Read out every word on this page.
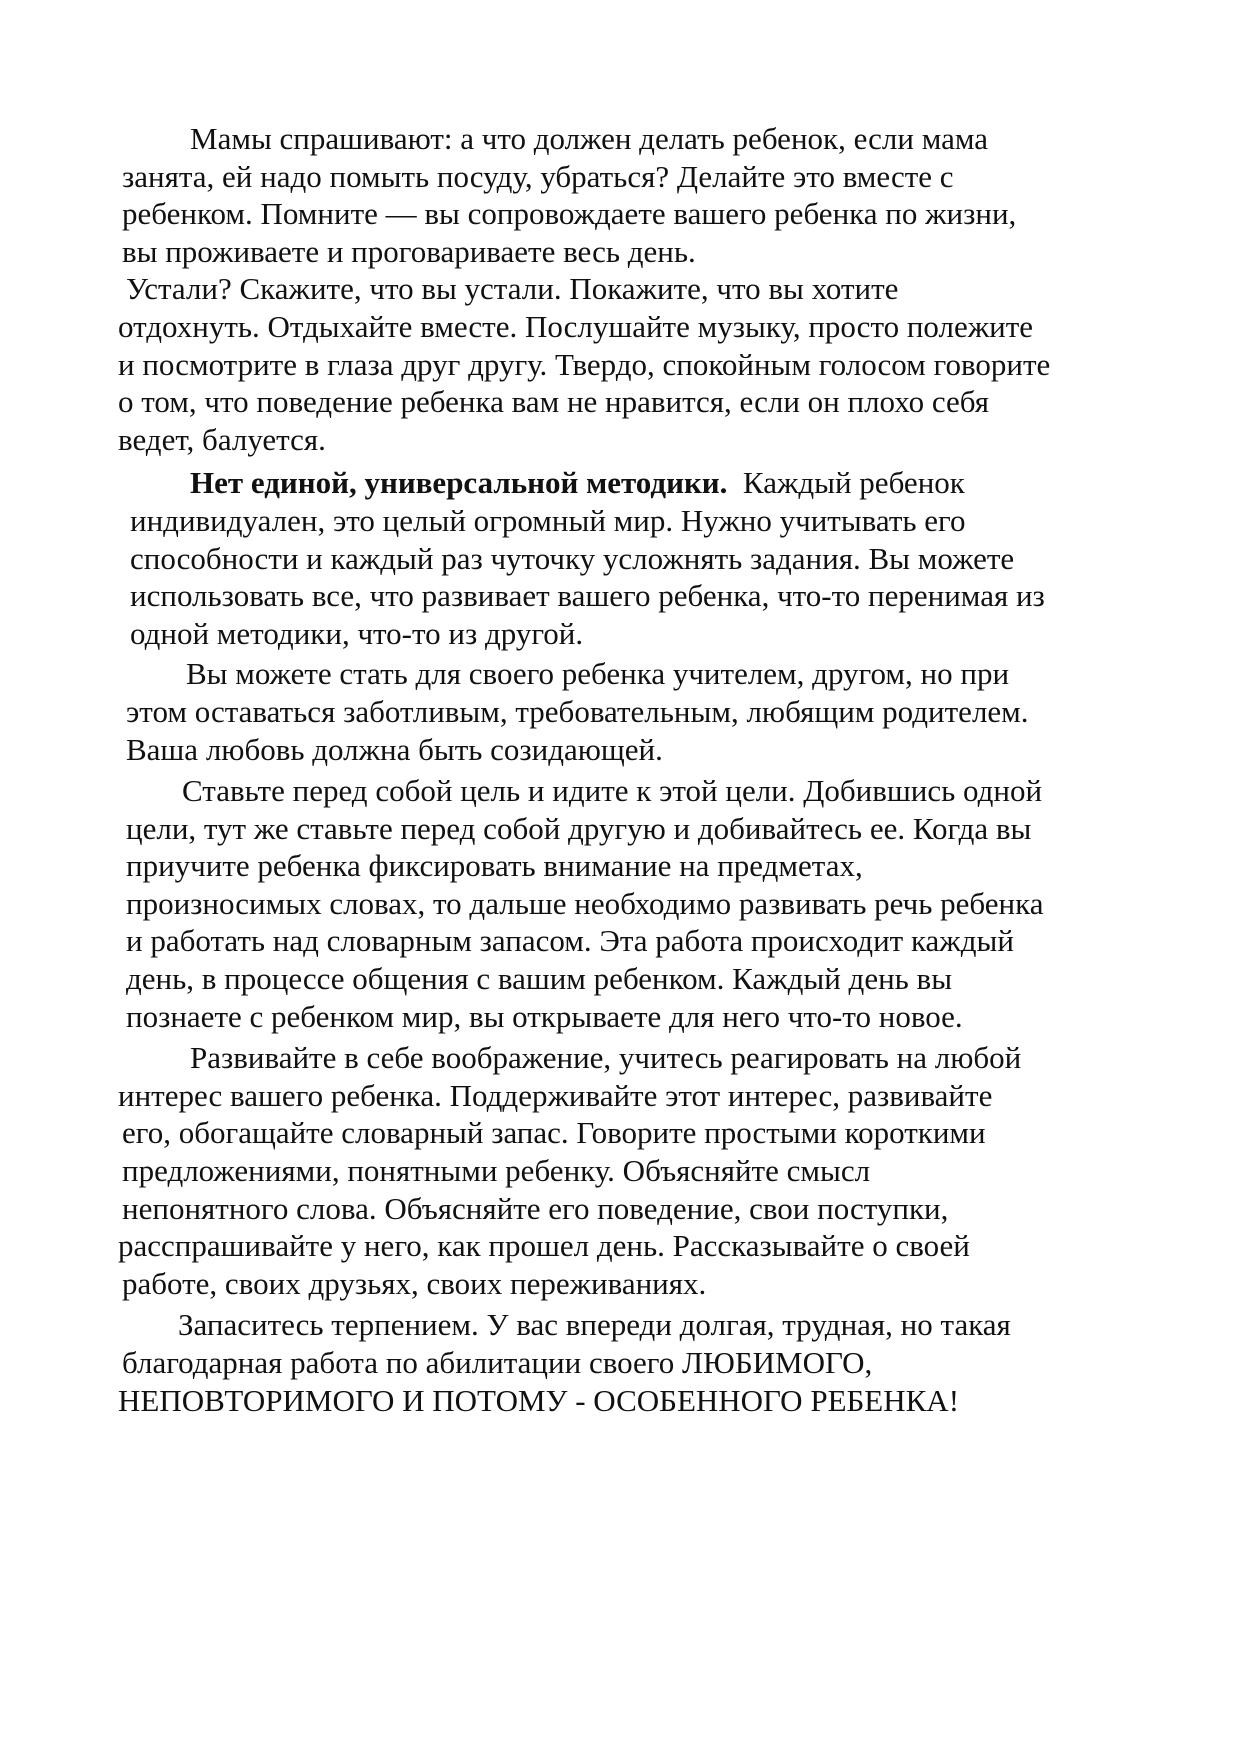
Мамы спрашивают: а что должен делать ребенок, если мама
занята, ей надо помыть посуду, убраться? Делайте это вместе с
ребенком. Помните — вы сопровождаете вашего ребенка по жизни,
вы проживаете и проговариваете весь день.
Устали? Скажите, что вы устали. Покажите, что вы хотите
отдохнуть. Отдыхайте вместе. Послушайте музыку, просто полежите
и посмотрите в глаза друг другу. Твердо, спокойным голосом говорите
о том, что поведение ребенка вам не нравится, если он плохо себя
ведет, балуется.
Нет единой, универсальной методики. Каждый ребенок
индивидуален, это целый огромный мир. Нужно учитывать его
способности и каждый раз чуточку усложнять задания. Вы можете
использовать все, что развивает вашего ребенка, что-то перенимая из
одной методики, что-то из другой.
Вы можете стать для своего ребенка учителем, другом, но при
этом оставаться заботливым, требовательным, любящим родителем.
Ваша любовь должна быть созидающей.
Ставьте перед собой цель и идите к этой цели. Добившись одной
цели, тут же ставьте перед собой другую и добивайтесь ее. Когда вы
приучите ребенка фиксировать внимание на предметах,
произносимых словах, то дальше необходимо развивать речь ребенка
и работать над словарным запасом. Эта работа происходит каждый
день, в процессе общения с вашим ребенком. Каждый день вы
познаете с ребенком мир, вы открываете для него что-то новое.
Развивайте в себе воображение, учитесь реагировать на любой
интерес вашего ребенка. Поддерживайте этот интерес, развивайте
его, обогащайте словарный запас. Говорите простыми короткими
предложениями, понятными ребенку. Объясняйте смысл
непонятного слова. Объясняйте его поведение, свои поступки,
расспрашивайте у него, как прошел день. Рассказывайте о своей
работе, своих друзьях, своих переживаниях.
Запаситесь терпением. У вас впереди долгая, трудная, но такая
благодарная работа по абилитации своего ЛЮБИМОГО,
НЕПОВТОРИМОГО И ПОТОМУ - ОСОБЕННОГО РЕБЕНКА!
